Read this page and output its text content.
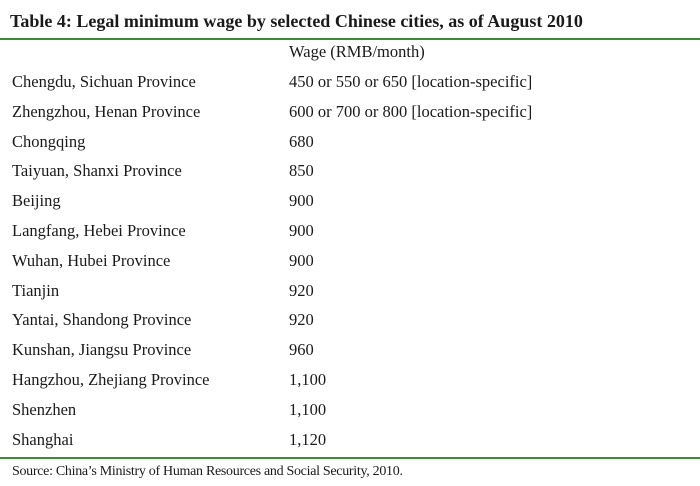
Table 4: Legal minimum wage by selected Chinese cities, as of August 2010
Wage (RMB/month)
Chengdu, Sichuan Province	450 or 550 or 650 [location-specific]
Zhengzhou, Henan Province	600 or 700 or 800 [location-specific]
Chongqing	680
Taiyuan, Shanxi Province	850
Beijing	900
Langfang, Hebei Province	900
Wuhan, Hubei Province	900
Tianjin	920
Yantai, Shandong Province	920
Kunshan, Jiangsu Province	960
Hangzhou, Zhejiang Province	1,100
Shenzhen	1,100
Shanghai	1,120
Source: China’s Ministry of Human Resources and Social Security, 2010.
